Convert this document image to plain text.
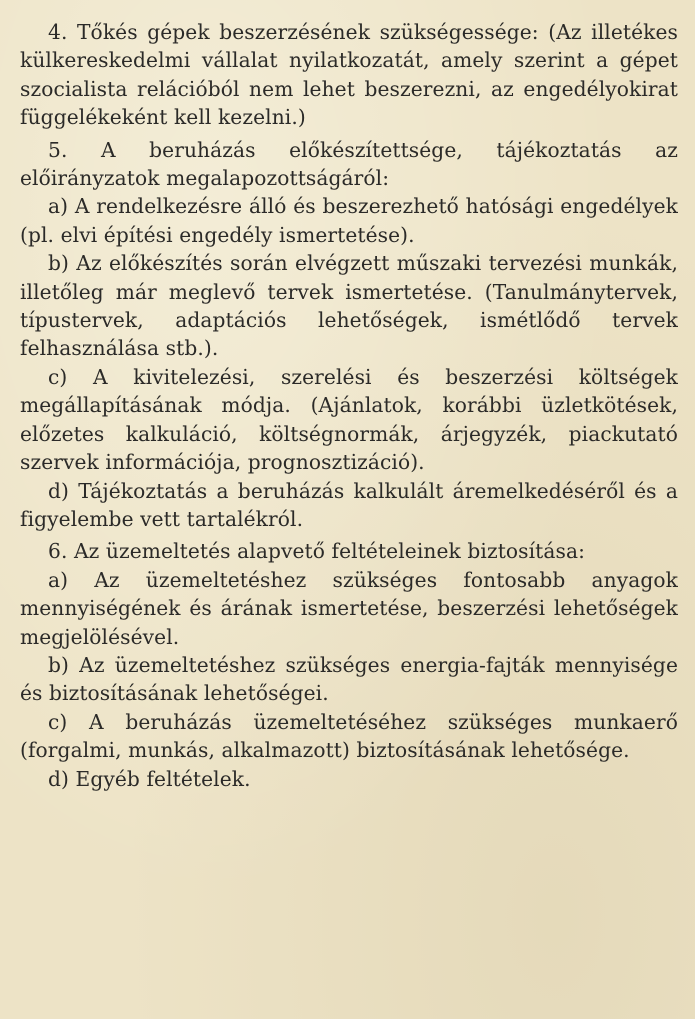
4. Tőkés gépek beszerzésének szükségessége: (Az illetékes külkereskedelmi vállalat nyilatkozatát, amely szerint a gépet szocialista relációból nem lehet beszerezni, az engedélyokirat függelékeként kell kezelni.)

5. A beruházás előkészítettsége, tájékoztatás az előirányzatok megalapozottságáról:

a) A rendelkezésre álló és beszerezhető hatósági engedélyek (pl. elvi építési engedély ismertetése).

b) Az előkészítés során elvégzett műszaki tervezési munkák, illetőleg már meglevő tervek ismertetése. (Tanulmánytervek, típustervek, adaptációs lehetőségek, ismétlődő tervek felhasználása stb.).

c) A kivitelezési, szerelési és beszerzési költségek megállapításának módja. (Ajánlatok, korábbi üzletkötések, előzetes kalkuláció, költségnormák, árjegyzék, piackutató szervek információja, prognosztizáció).

d) Tájékoztatás a beruházás kalkulált áremelkedéséről és a figyelembe vett tartalékról.

6. Az üzemeltetés alapvető feltételeinek biztosítása:

a) Az üzemeltetéshez szükséges fontosabb anyagok mennyiségének és árának ismertetése, beszerzési lehetőségek megjelölésével.

b) Az üzemeltetéshez szükséges energia-fajták mennyisége és biztosításának lehetőségei.

c) A beruházás üzemeltetéséhez szükséges munkaerő (forgalmi, munkás, alkalmazott) biztosításának lehetősége.

d) Egyéb feltételek.
